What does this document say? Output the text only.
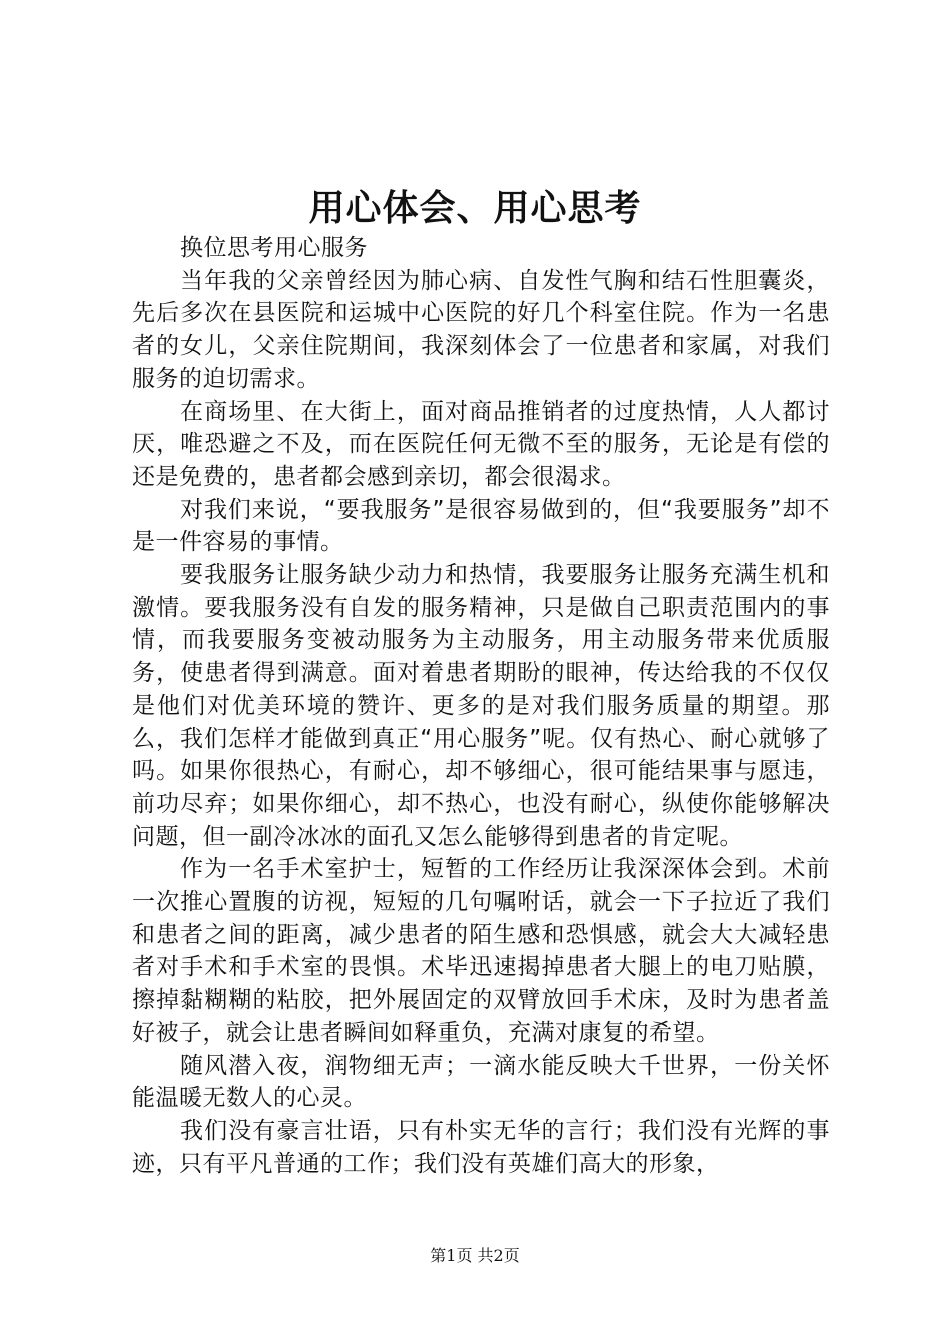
用心体会、用心思考

换位思考用心服务

当年我的父亲曾经因为肺心病、自发性气胸和结石性胆囊炎，先后多次在县医院和运城中心医院的好几个科室住院。作为一名患者的女儿，父亲住院期间，我深刻体会了一位患者和家属，对我们服务的迫切需求。

在商场里、在大街上，面对商品推销者的过度热情，人人都讨厌，唯恐避之不及，而在医院任何无微不至的服务，无论是有偿的还是免费的，患者都会感到亲切，都会很渴求。

对我们来说，“要我服务”是很容易做到的，但“我要服务”却不是一件容易的事情。

要我服务让服务缺少动力和热情，我要服务让服务充满生机和激情。要我服务没有自发的服务精神，只是做自己职责范围内的事情，而我要服务变被动服务为主动服务，用主动服务带来优质服务，使患者得到满意。面对着患者期盼的眼神，传达给我的不仅仅是他们对优美环境的赞许、更多的是对我们服务质量的期望。那么，我们怎样才能做到真正“用心服务”呢。仅有热心、耐心就够了吗。如果你很热心，有耐心，却不够细心，很可能结果事与愿违，前功尽弃；如果你细心，却不热心，也没有耐心，纵使你能够解决问题，但一副冷冰冰的面孔又怎么能够得到患者的肯定呢。

作为一名手术室护士，短暂的工作经历让我深深体会到。术前一次推心置腹的访视，短短的几句嘱咐话，就会一下子拉近了我们和患者之间的距离，减少患者的陌生感和恐惧感，就会大大减轻患者对手术和手术室的畏惧。术毕迅速揭掉患者大腿上的电刀贴膜，擦掉黏糊糊的粘胶，把外展固定的双臂放回手术床，及时为患者盖好被子，就会让患者瞬间如释重负，充满对康复的希望。

随风潜入夜，润物细无声；一滴水能反映大千世界，一份关怀能温暖无数人的心灵。

我们没有豪言壮语，只有朴实无华的言行；我们没有光辉的事迹，只有平凡普通的工作；我们没有英雄们高大的形象，

第1页 共2页
